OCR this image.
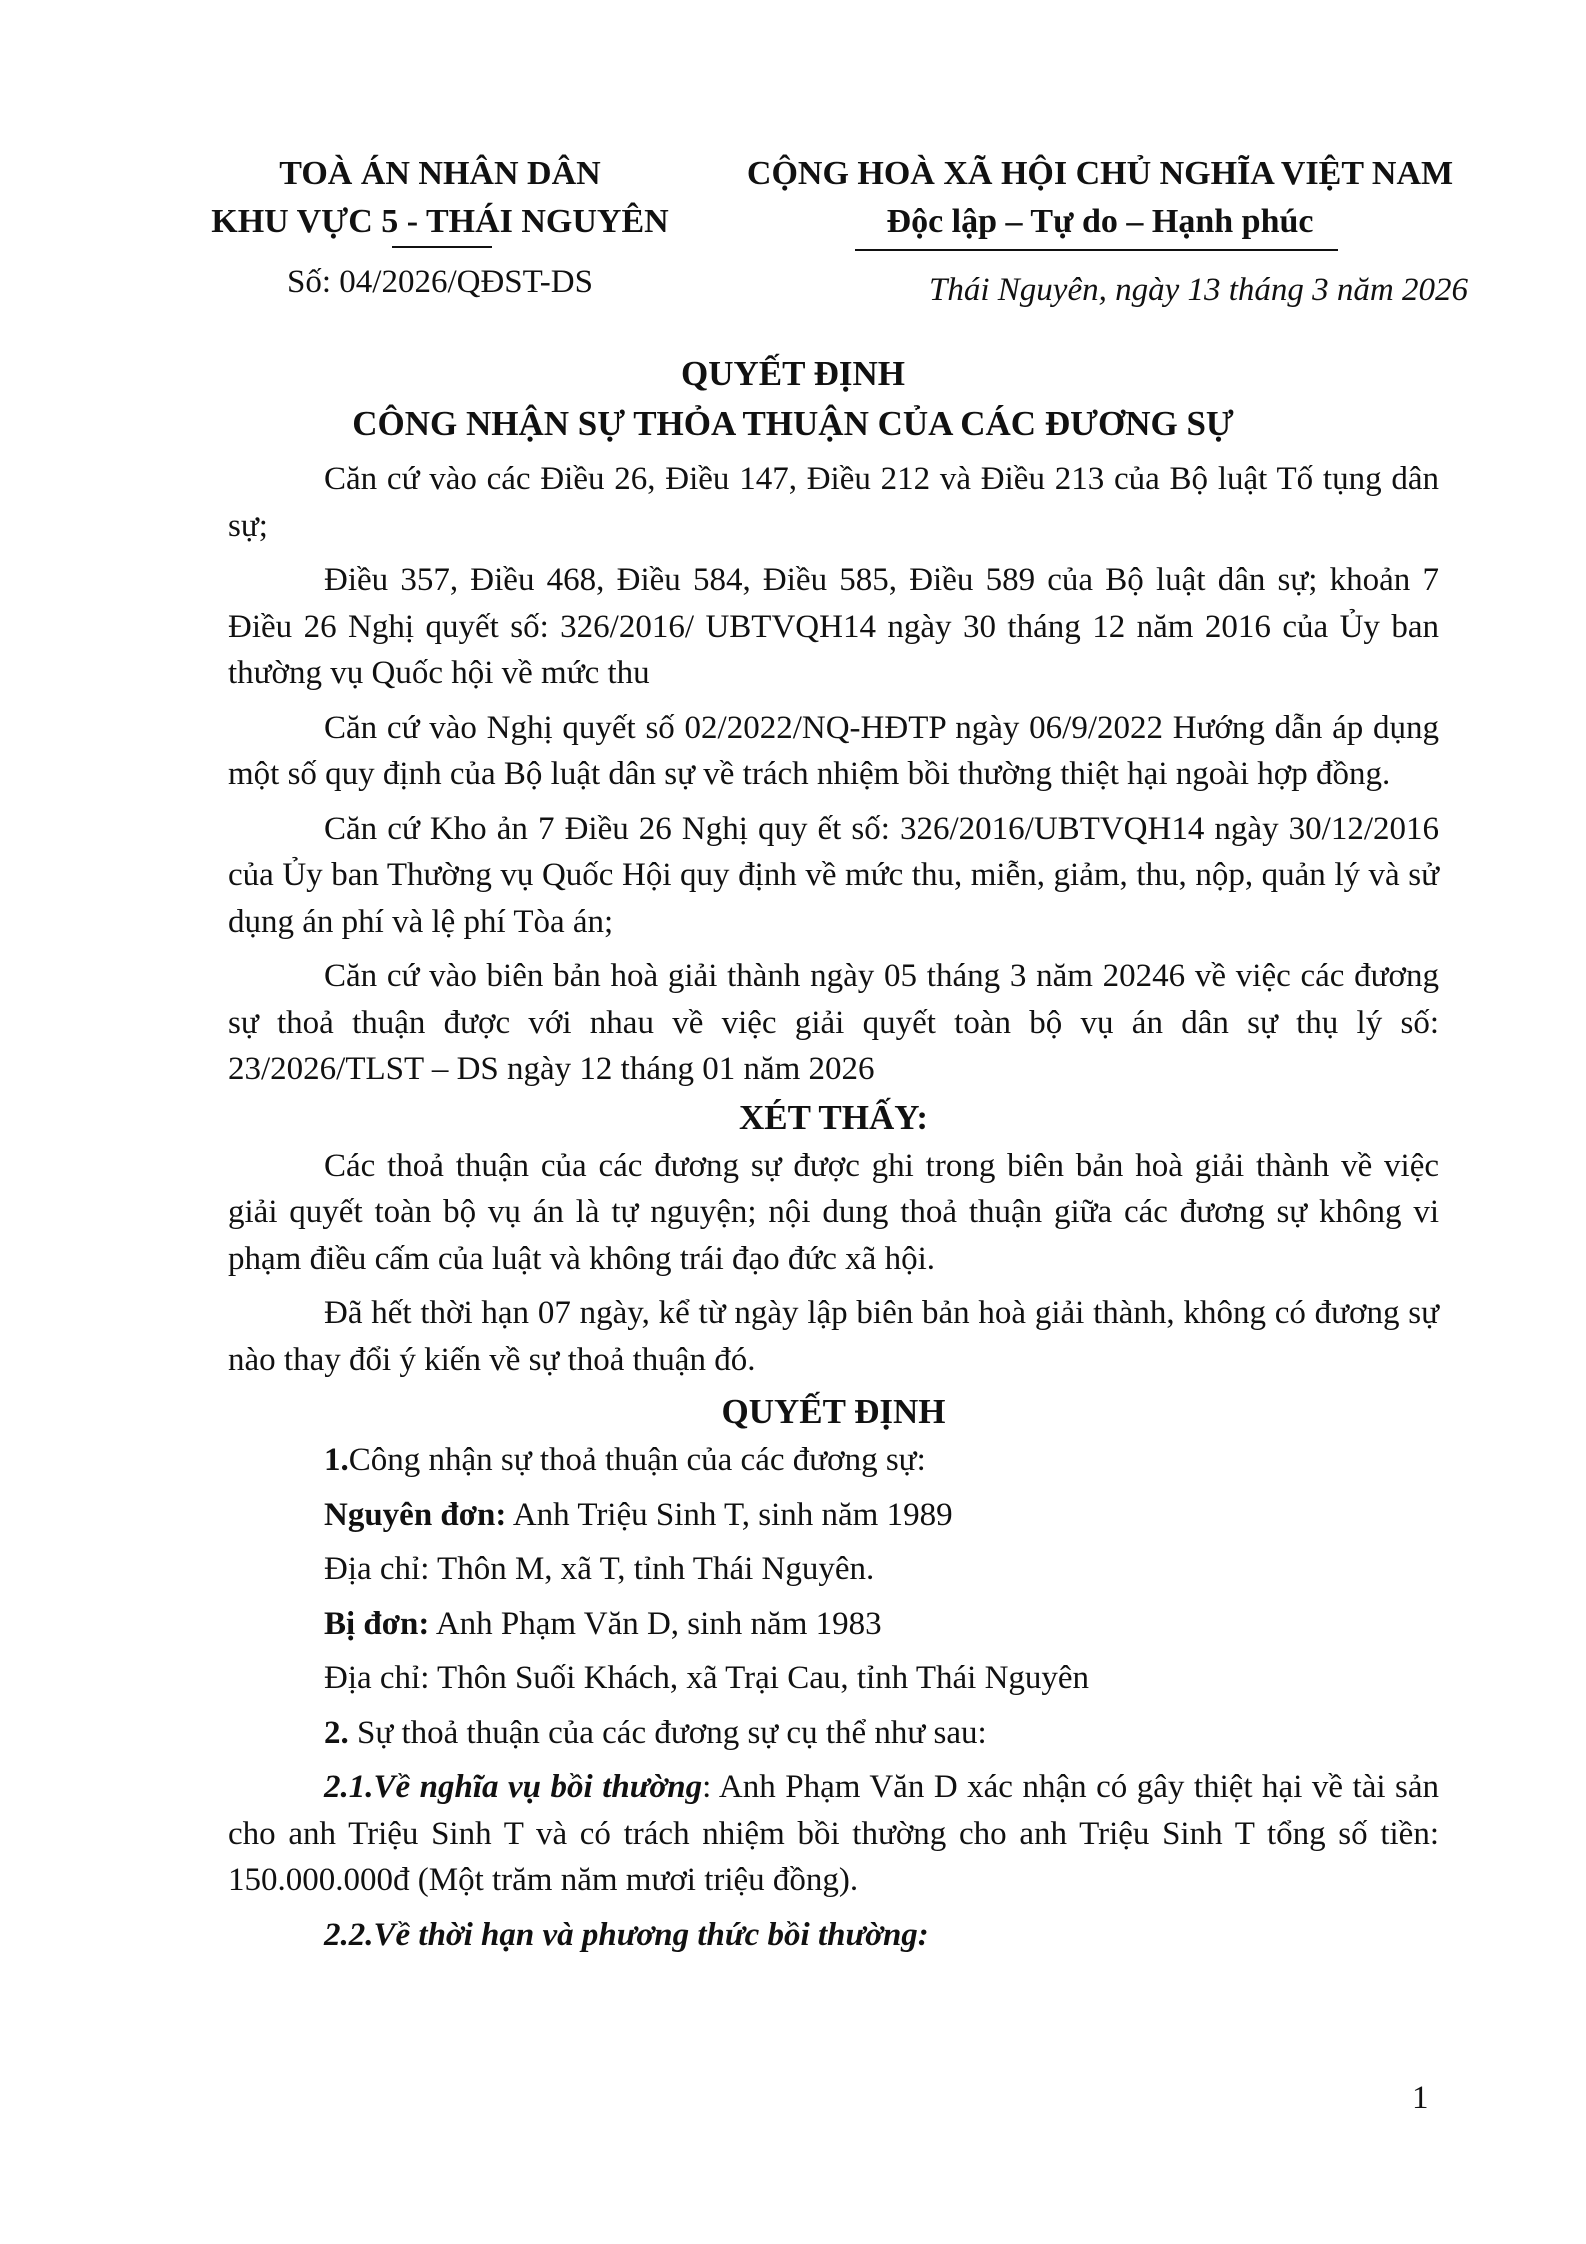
TOÀ ÁN NHÂN DÂN
KHU VỰC 5 - THÁI NGUYÊN
Số: 04/2026/QĐST-DS
CỘNG HOÀ XÃ HỘI CHỦ NGHĨA VIỆT NAM
Độc lập – Tự do – Hạnh phúc
Thái Nguyên, ngày 13 tháng 3 năm 2026
QUYẾT ĐỊNH
CÔNG NHẬN SỰ THỎA THUẬN CỦA CÁC ĐƯƠNG SỰ

Căn cứ vào các Điều 26, Điều 147, Điều 212 và Điều 213 của Bộ luật Tố tụng dân sự;

Điều 357, Điều 468, Điều 584, Điều 585, Điều 589 của Bộ luật dân sự; khoản 7 Điều 26 Nghị quyết số: 326/2016/ UBTVQH14 ngày 30 tháng 12 năm 2016 của Ủy ban thường vụ Quốc hội về mức thu

Căn cứ vào Nghị quyết số 02/2022/NQ-HĐTP ngày 06/9/2022 Hướng dẫn áp dụng một số quy định của Bộ luật dân sự về trách nhiệm bồi thường thiệt hại ngoài hợp đồng.

Căn cứ Kho ản 7 Điều 26 Nghị quy ết số: 326/2016/UBTVQH14 ngày 30/12/2016 của Ủy ban Thường vụ Quốc Hội quy định về mức thu, miễn, giảm, thu, nộp, quản lý và sử dụng án phí và lệ phí Tòa án;

Căn cứ vào biên bản hoà giải thành ngày 05 tháng 3 năm 20246 về việc các đương sự thoả thuận được với nhau về việc giải quyết toàn bộ vụ án dân sự thụ lý số: 23/2026/TLST – DS ngày 12 tháng 01 năm 2026

XÉT THẤY:

Các thoả thuận của các đương sự được ghi trong biên bản hoà giải thành về việc giải quyết toàn bộ vụ án là tự nguyện; nội dung thoả thuận giữa các đương sự không vi phạm điều cấm của luật và không trái đạo đức xã hội.

Đã hết thời hạn 07 ngày, kể từ ngày lập biên bản hoà giải thành, không có đương sự nào thay đổi ý kiến về sự thoả thuận đó.

QUYẾT ĐỊNH

1.Công nhận sự thoả thuận của các đương sự:

Nguyên đơn: Anh Triệu Sinh T, sinh năm 1989

Địa chỉ: Thôn M, xã T, tỉnh Thái Nguyên.

Bị đơn: Anh Phạm Văn D, sinh năm 1983

Địa chỉ: Thôn Suối Khách, xã Trại Cau, tỉnh Thái Nguyên

2. Sự thoả thuận của các đương sự cụ thể như sau:

2.1.Về nghĩa vụ bồi thường: Anh Phạm Văn D xác nhận có gây thiệt hại về tài sản cho anh Triệu Sinh T và có trách nhiệm bồi thường cho anh Triệu Sinh T tổng số tiền: 150.000.000đ (Một trăm năm mươi triệu đồng).

2.2.Về thời hạn và phương thức bồi thường:

1
